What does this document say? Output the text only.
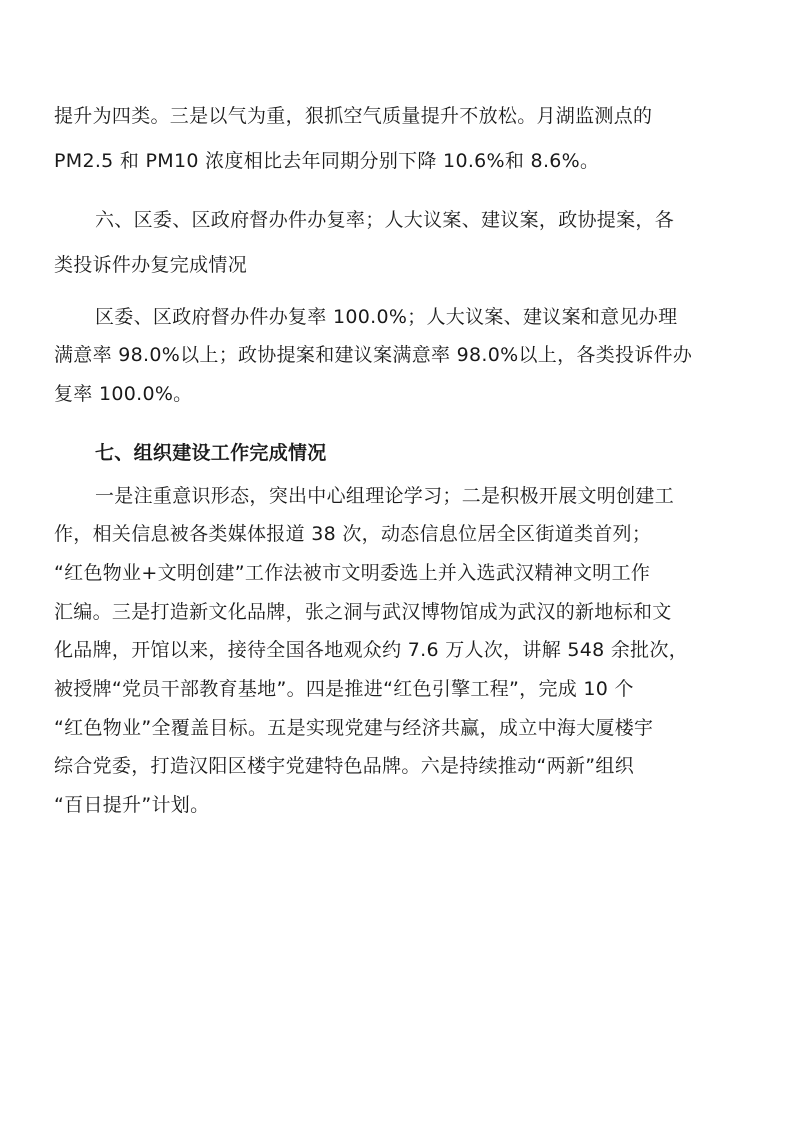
提升为四类。三是以气为重，狠抓空气质量提升不放松。月湖监测点的
PM2.5 和 PM10 浓度相比去年同期分别下降 10.6%和 8.6%。
六、区委、区政府督办件办复率；人大议案、建议案，政协提案，各
类投诉件办复完成情况
区委、区政府督办件办复率 100.0%；人大议案、建议案和意见办理
满意率 98.0%以上；政协提案和建议案满意率 98.0%以上，各类投诉件办
复率 100.0%。
七、组织建设工作完成情况
一是注重意识形态，突出中心组理论学习；二是积极开展文明创建工
作，相关信息被各类媒体报道 38 次，动态信息位居全区街道类首列；
“红色物业+文明创建”工作法被市文明委选上并入选武汉精神文明工作
汇编。三是打造新文化品牌，张之洞与武汉博物馆成为武汉的新地标和文
化品牌，开馆以来，接待全国各地观众约 7.6 万人次，讲解 548 余批次，
被授牌“党员干部教育基地”。四是推进“红色引擎工程”，完成 10 个
“红色物业”全覆盖目标。五是实现党建与经济共赢，成立中海大厦楼宇
综合党委，打造汉阳区楼宇党建特色品牌。六是持续推动“两新”组织
“百日提升”计划。
